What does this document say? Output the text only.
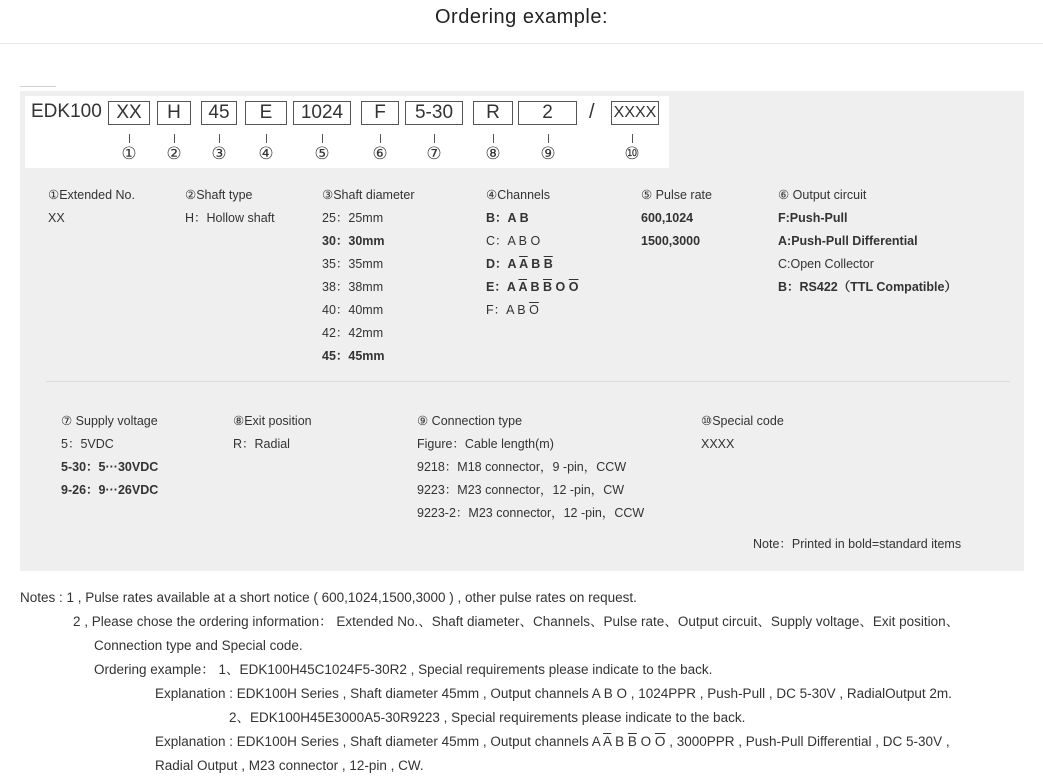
Ordering example:
EDK100 XX	H	45	E	1024	F	5-30	R	2	XXXX
① ② ③ ④ ⑤	⑥ ⑦	⑧ ⑨	⑩
/
①Extended No.
XX
②Shaft type
H：Hollow shaft
③Shaft diameter
25：25mm
30：30mm
35：35mm
38：38mm
40：40mm
42：42mm
45：45mm
④Channels
B：A B
C：A B O
D：A $\overline{A}$ B $\overline{B}$
E：A $\overline{A}$ B $\overline{B}$ O $\overline{O}$
F：A B $\overline{O}$
⑤ Pulse rate
600,1024
1500,3000
⑥ Output circuit
F:Push-Pull
A:Push-Pull Differential
C:Open Collector
B：RS422（TTL Compatible）
⑦ Supply voltage
5：5VDC
5-30：5···30VDC
9-26：9···26VDC
⑧Exit position
R：Radial
⑨ Connection type
Figure：Cable length(m)
9218：M18 connector，9 -pin，CCW
9223：M23 connector，12 -pin，CW
9223-2：M23 connector，12 -pin，CCW
⑩Special code
XXXX
Note：Printed in bold=standard items
Notes : 1 , Pulse rates available at a short notice ( 600,1024,1500,3000 ) , other pulse rates on request.
2 , Please chose the ordering information： Extended No.、Shaft diameter、Channels、Pulse rate、Output circuit、Supply voltage、Exit position、
Connection type and Special code.
Ordering example： 1、EDK100H45C1024F5-30R2 , Special requirements please indicate to the back.
Explanation : EDK100H Series , Shaft diameter 45mm , Output channels A B O , 1024PPR , Push-Pull , DC 5-30V , RadialOutput 2m.
2、EDK100H45E3000A5-30R9223 , Special requirements please indicate to the back.
Explanation : EDK100H Series , Shaft diameter 45mm , Output channels A $\overline{A}$ B $\overline{B}$ O $\overline{O}$ , 3000PPR , Push-Pull Differential , DC 5-30V ,
Radial Output , M23 connector , 12-pin , CW.
